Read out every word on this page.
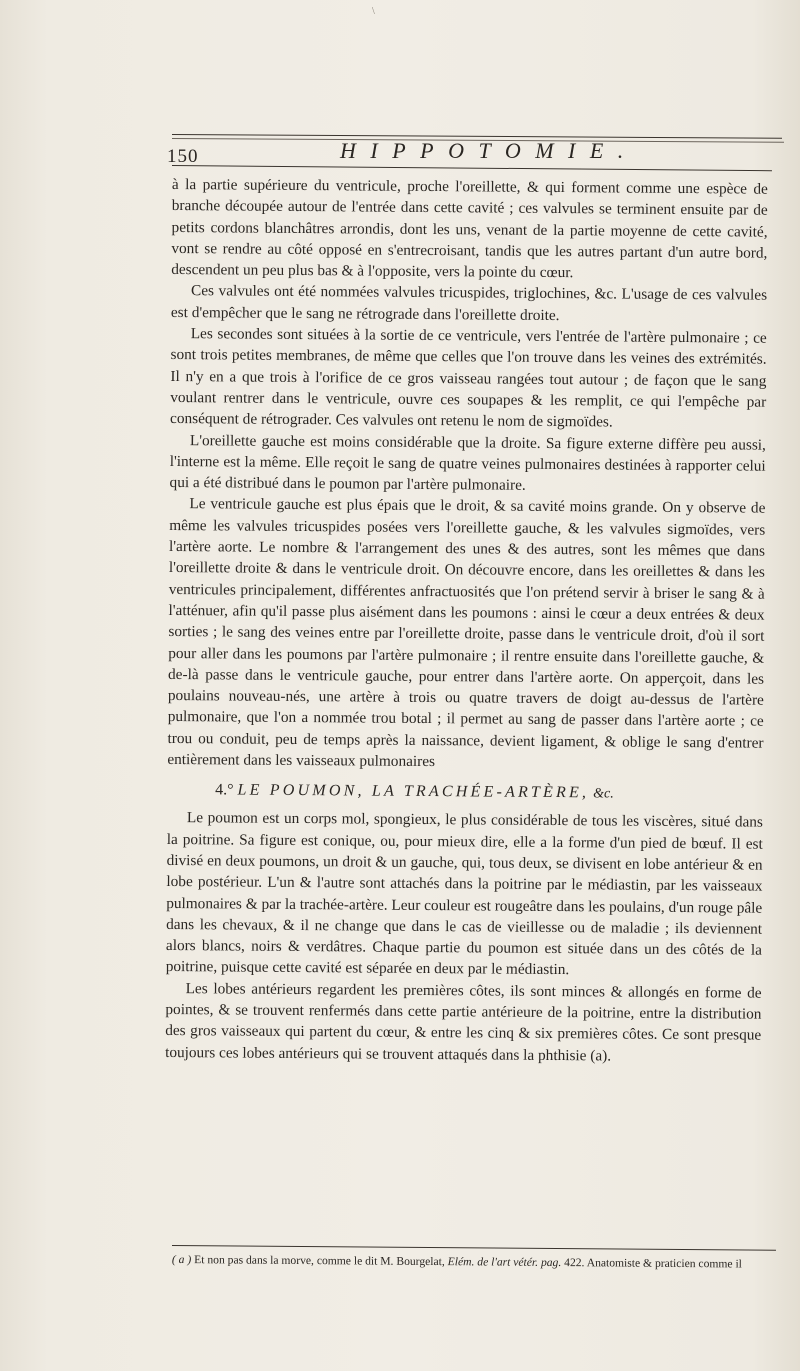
\
150	HIPPOTOMIE.

à la partie supérieure du ventricule, proche l'oreillette, & qui forment comme une espèce de branche découpée autour de l'entrée dans cette cavité ; ces valvules se terminent ensuite par de petits cordons blanchâtres arrondis, dont les uns, venant de la partie moyenne de cette cavité, vont se rendre au côté opposé en s'entrecroisant, tandis que les autres partant d'un autre bord, descendent un peu plus bas & à l'opposite, vers la pointe du cœur.

Ces valvules ont été nommées valvules tricuspides, triglochines, &c. L'usage de ces valvules est d'empêcher que le sang ne rétrograde dans l'oreillette droite.

Les secondes sont situées à la sortie de ce ventricule, vers l'entrée de l'artère pulmonaire ; ce sont trois petites membranes, de même que celles que l'on trouve dans les veines des extrémités. Il n'y en a que trois à l'orifice de ce gros vaisseau rangées tout autour ; de façon que le sang voulant rentrer dans le ventricule, ouvre ces soupapes & les remplit, ce qui l'empêche par conséquent de rétrograder. Ces valvules ont retenu le nom de sigmoïdes.

L'oreillette gauche est moins considérable que la droite. Sa figure externe diffère peu aussi, l'interne est la même. Elle reçoit le sang de quatre veines pulmonaires destinées à rapporter celui qui a été distribué dans le poumon par l'artère pulmonaire.

Le ventricule gauche est plus épais que le droit, & sa cavité moins grande. On y observe de même les valvules tricuspides posées vers l'oreillette gauche, & les valvules sigmoïdes, vers l'artère aorte. Le nombre & l'arrangement des unes & des autres, sont les mêmes que dans l'oreillette droite & dans le ventricule droit. On découvre encore, dans les oreillettes & dans les ventricules principalement, différentes anfractuosités que l'on prétend servir à briser le sang & à l'atténuer, afin qu'il passe plus aisément dans les poumons : ainsi le cœur a deux entrées & deux sorties ; le sang des veines entre par l'oreillette droite, passe dans le ventricule droit, d'où il sort pour aller dans les poumons par l'artère pulmonaire ; il rentre ensuite dans l'oreillette gauche, & de-là passe dans le ventricule gauche, pour entrer dans l'artère aorte. On apperçoit, dans les poulains nouveau-nés, une artère à trois ou quatre travers de doigt au-dessus de l'artère pulmonaire, que l'on a nommée trou botal ; il permet au sang de passer dans l'artère aorte ; ce trou ou conduit, peu de temps après la naissance, devient ligament, & oblige le sang d'entrer entièrement dans les vaisseaux pulmonaires

4.° LE POUMON, LA TRACHÉE-ARTÈRE, &c.

Le poumon est un corps mol, spongieux, le plus considérable de tous les viscères, situé dans la poitrine. Sa figure est conique, ou, pour mieux dire, elle a la forme d'un pied de bœuf. Il est divisé en deux poumons, un droit & un gauche, qui, tous deux, se divisent en lobe antérieur & en lobe postérieur. L'un & l'autre sont attachés dans la poitrine par le médiastin, par les vaisseaux pulmonaires & par la trachée-artère. Leur couleur est rougeâtre dans les poulains, d'un rouge pâle dans les chevaux, & il ne change que dans le cas de vieillesse ou de maladie ; ils deviennent alors blancs, noirs & verdâtres. Chaque partie du poumon est située dans un des côtés de la poitrine, puisque cette cavité est séparée en deux par le médiastin.

Les lobes antérieurs regardent les premières côtes, ils sont minces & allongés en forme de pointes, & se trouvent renfermés dans cette partie antérieure de la poitrine, entre la distribution des gros vaisseaux qui partent du cœur, & entre les cinq & six premières côtes. Ce sont presque toujours ces lobes antérieurs qui se trouvent attaqués dans la phthisie (a).

( a ) Et non pas dans la morve, comme le dit M. Bourgelat, Elém. de l'art vétér. pag. 422. Anatomiste & praticien comme il
